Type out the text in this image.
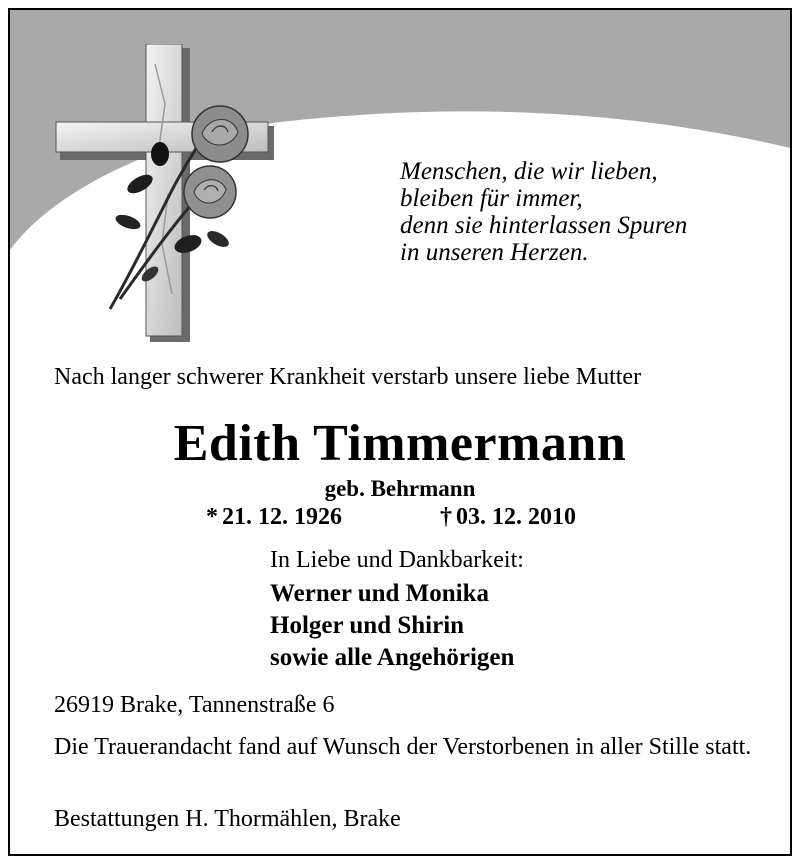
Menschen, die wir lieben,
bleiben für immer,
denn sie hinterlassen Spuren
in unseren Herzen.
Nach langer schwerer Krankheit verstarb unsere liebe Mutter
Edith Timmermann
geb. Behrmann
* 21. 12. 1926	† 03. 12. 2010
In Liebe und Dankbarkeit:
Werner und Monika
Holger und Shirin
sowie alle Angehörigen
26919 Brake, Tannenstraße 6
Die Trauerandacht fand auf Wunsch der Verstorbenen in aller Stille statt.
Bestattungen H. Thormählen, Brake
